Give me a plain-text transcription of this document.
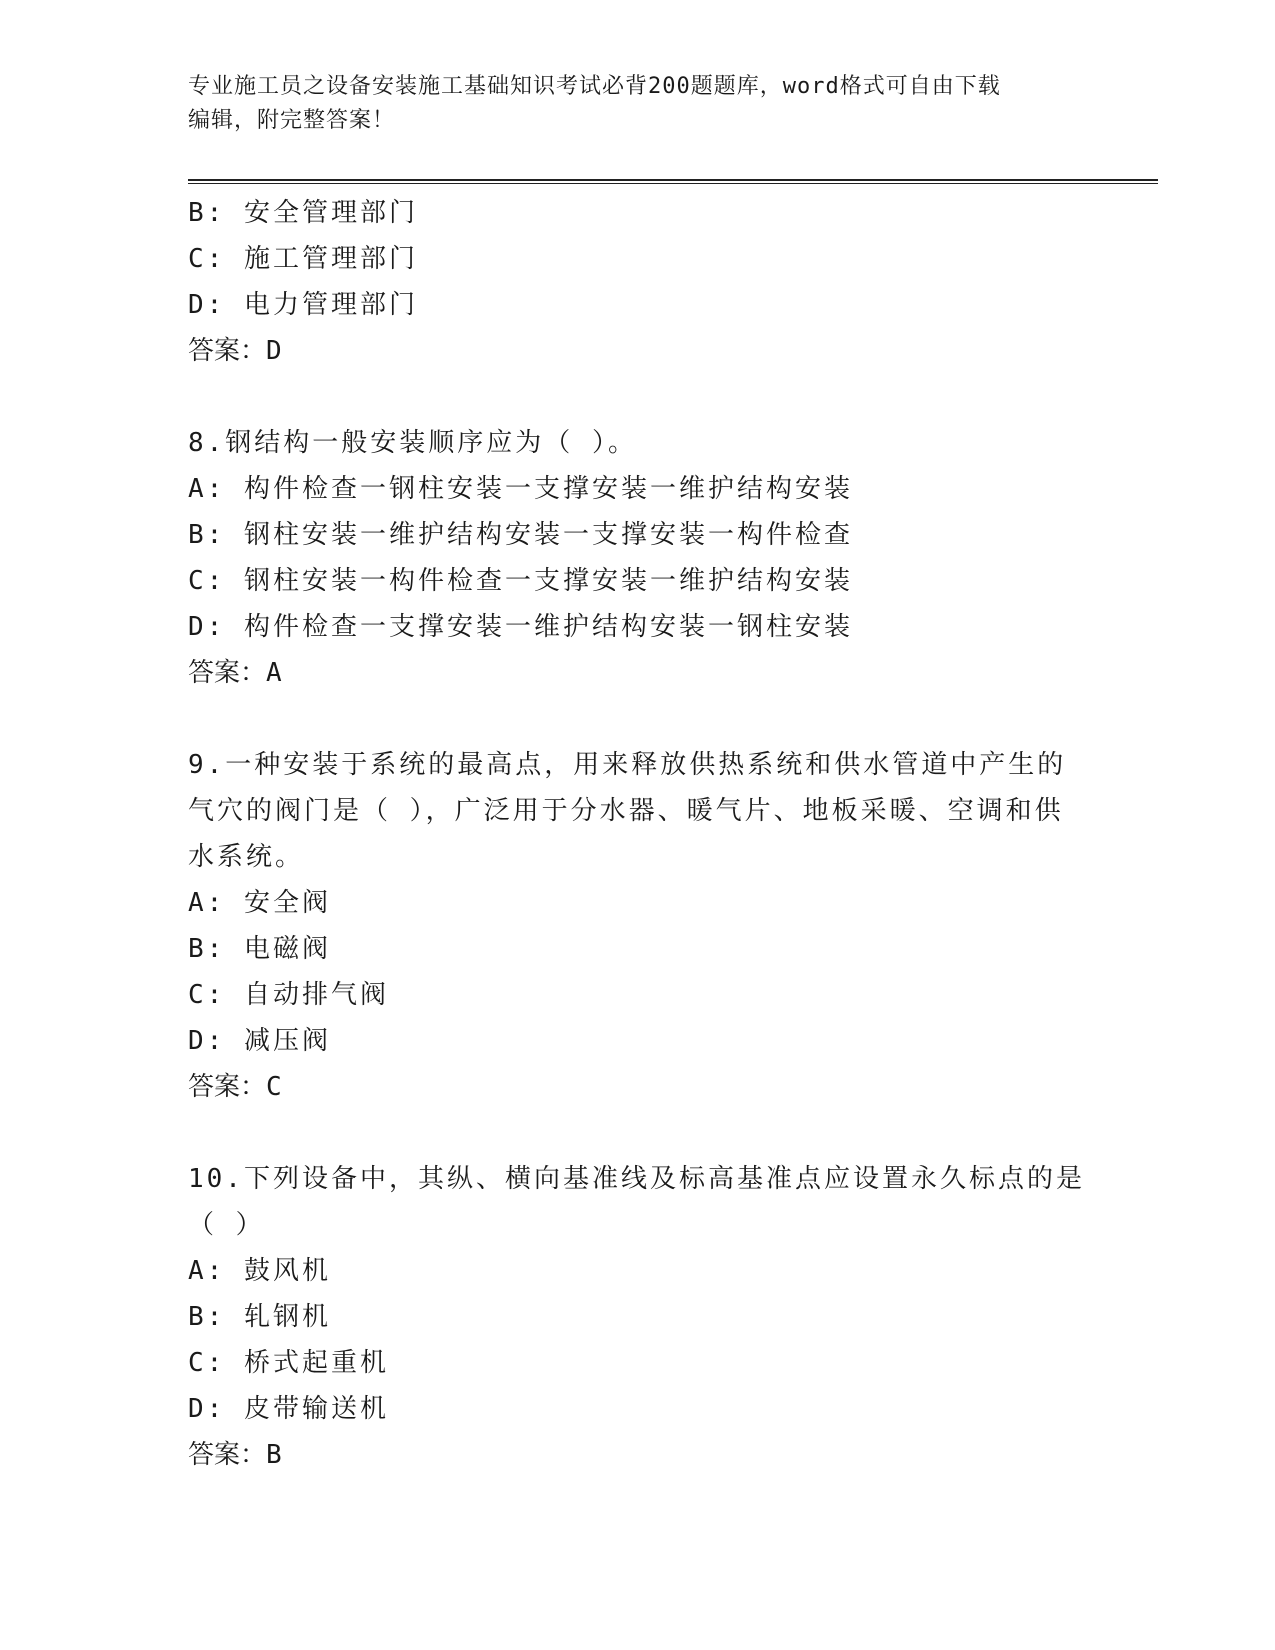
专业施工员之设备安装施工基础知识考试必背200题题库，word格式可自由下载
编辑，附完整答案！
B: 安全管理部门
C: 施工管理部门
D: 电力管理部门
答案：D
8.钢结构一般安装顺序应为（ ）。
A: 构件检查一钢柱安装一支撑安装一维护结构安装
B: 钢柱安装一维护结构安装一支撑安装一构件检查
C: 钢柱安装一构件检查一支撑安装一维护结构安装
D: 构件检查一支撑安装一维护结构安装一钢柱安装
答案：A
9.一种安装于系统的最高点，用来释放供热系统和供水管道中产生的
气穴的阀门是（ ），广泛用于分水器、暖气片、地板采暖、空调和供
水系统。
A: 安全阀
B: 电磁阀
C: 自动排气阀
D: 减压阀
答案：C
10.下列设备中，其纵、横向基准线及标高基准点应设置永久标点的是
（ ）
A: 鼓风机
B: 轧钢机
C: 桥式起重机
D: 皮带输送机
答案：B
